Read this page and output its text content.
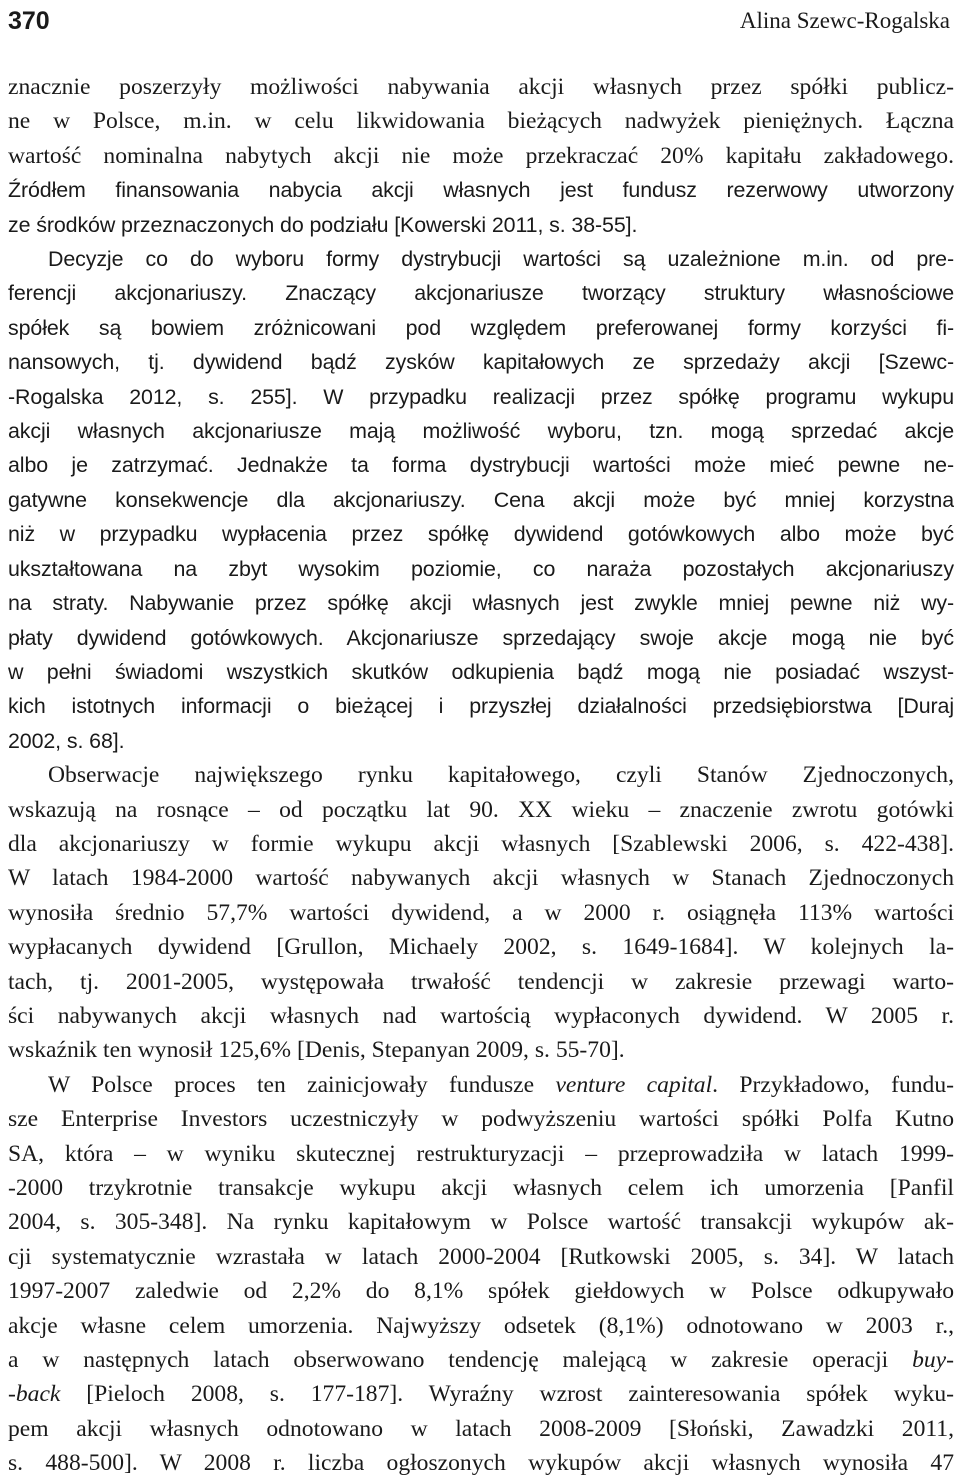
370	Alina Szewc-Rogalska

znacznie poszerzyły możliwości nabywania akcji własnych przez spółki publicz-
ne w Polsce, m.in. w celu likwidowania bieżących nadwyżek pieniężnych. Łączna
wartość nominalna nabytych akcji nie może przekraczać 20% kapitału zakładowego.
Źródłem finansowania nabycia akcji własnych jest fundusz rezerwowy utworzony
ze środków przeznaczonych do podziału [Kowerski 2011, s. 38-55].

Decyzje co do wyboru formy dystrybucji wartości są uzależnione m.in. od pre-
ferencji akcjonariuszy. Znaczący akcjonariusze tworzący struktury własnościowe
spółek są bowiem zróżnicowani pod względem preferowanej formy korzyści fi-
nansowych, tj. dywidend bądź zysków kapitałowych ze sprzedaży akcji [Szewc-
-Rogalska 2012, s. 255]. W przypadku realizacji przez spółkę programu wykupu
akcji własnych akcjonariusze mają możliwość wyboru, tzn. mogą sprzedać akcje
albo je zatrzymać. Jednakże ta forma dystrybucji wartości może mieć pewne ne-
gatywne konsekwencje dla akcjonariuszy. Cena akcji może być mniej korzystna
niż w przypadku wypłacenia przez spółkę dywidend gotówkowych albo może być
ukształtowana na zbyt wysokim poziomie, co naraża pozostałych akcjonariuszy
na straty. Nabywanie przez spółkę akcji własnych jest zwykle mniej pewne niż wy-
płaty dywidend gotówkowych. Akcjonariusze sprzedający swoje akcje mogą nie być
w pełni świadomi wszystkich skutków odkupienia bądź mogą nie posiadać wszyst-
kich istotnych informacji o bieżącej i przyszłej działalności przedsiębiorstwa [Duraj
2002, s. 68].

Obserwacje największego rynku kapitałowego, czyli Stanów Zjednoczonych,
wskazują na rosnące – od początku lat 90. XX wieku – znaczenie zwrotu gotówki
dla akcjonariuszy w formie wykupu akcji własnych [Szablewski 2006, s. 422-438].
W latach 1984-2000 wartość nabywanych akcji własnych w Stanach Zjednoczonych
wynosiła średnio 57,7% wartości dywidend, a w 2000 r. osiągnęła 113% wartości
wypłacanych dywidend [Grullon, Michaely 2002, s. 1649-1684]. W kolejnych la-
tach, tj. 2001-2005, występowała trwałość tendencji w zakresie przewagi warto-
ści nabywanych akcji własnych nad wartością wypłaconych dywidend. W 2005 r.
wskaźnik ten wynosił 125,6% [Denis, Stepanyan 2009, s. 55-70].

W Polsce proces ten zainicjowały fundusze venture capital. Przykładowo, fundu-
sze Enterprise Investors uczestniczyły w podwyższeniu wartości spółki Polfa Kutno
SA, która – w wyniku skutecznej restrukturyzacji – przeprowadziła w latach 1999-
-2000 trzykrotnie transakcje wykupu akcji własnych celem ich umorzenia [Panfil
2004, s. 305-348]. Na rynku kapitałowym w Polsce wartość transakcji wykupów ak-
cji systematycznie wzrastała w latach 2000-2004 [Rutkowski 2005, s. 34]. W latach
1997-2007 zaledwie od 2,2% do 8,1% spółek giełdowych w Polsce odkupywało
akcje własne celem umorzenia. Najwyższy odsetek (8,1%) odnotowano w 2003 r.,
a w następnych latach obserwowano tendencję malejącą w zakresie operacji buy-
-back [Pieloch 2008, s. 177-187]. Wyraźny wzrost zainteresowania spółek wyku-
pem akcji własnych odnotowano w latach 2008-2009 [Słoński, Zawadzki 2011,
s. 488-500]. W 2008 r. liczba ogłoszonych wykupów akcji własnych wynosiła 47
